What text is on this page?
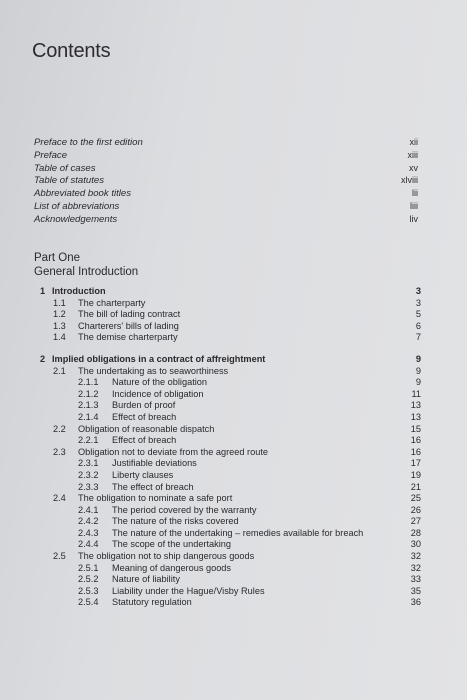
Contents
Preface to the first edition	xii
Preface	xiii
Table of cases	xv
Table of statutes	xlviii
Abbreviated book titles	lii
List of abbreviations	liii
Acknowledgements	liv
Part One
General Introduction
1 Introduction	3
1.1 The charterparty	3
1.2 The bill of lading contract	5
1.3 Charterers' bills of lading	6
1.4 The demise charterparty	7
2 Implied obligations in a contract of affreightment	9
2.1 The undertaking as to seaworthiness	9
2.1.1 Nature of the obligation	9
2.1.2 Incidence of obligation	11
2.1.3 Burden of proof	13
2.1.4 Effect of breach	13
2.2 Obligation of reasonable dispatch	15
2.2.1 Effect of breach	16
2.3 Obligation not to deviate from the agreed route	16
2.3.1 Justifiable deviations	17
2.3.2 Liberty clauses	19
2.3.3 The effect of breach	21
2.4 The obligation to nominate a safe port	25
2.4.1 The period covered by the warranty	26
2.4.2 The nature of the risks covered	27
2.4.3 The nature of the undertaking – remedies available for breach	28
2.4.4 The scope of the undertaking	30
2.5 The obligation not to ship dangerous goods	32
2.5.1 Meaning of dangerous goods	32
2.5.2 Nature of liability	33
2.5.3 Liability under the Hague/Visby Rules	35
2.5.4 Statutory regulation	36
